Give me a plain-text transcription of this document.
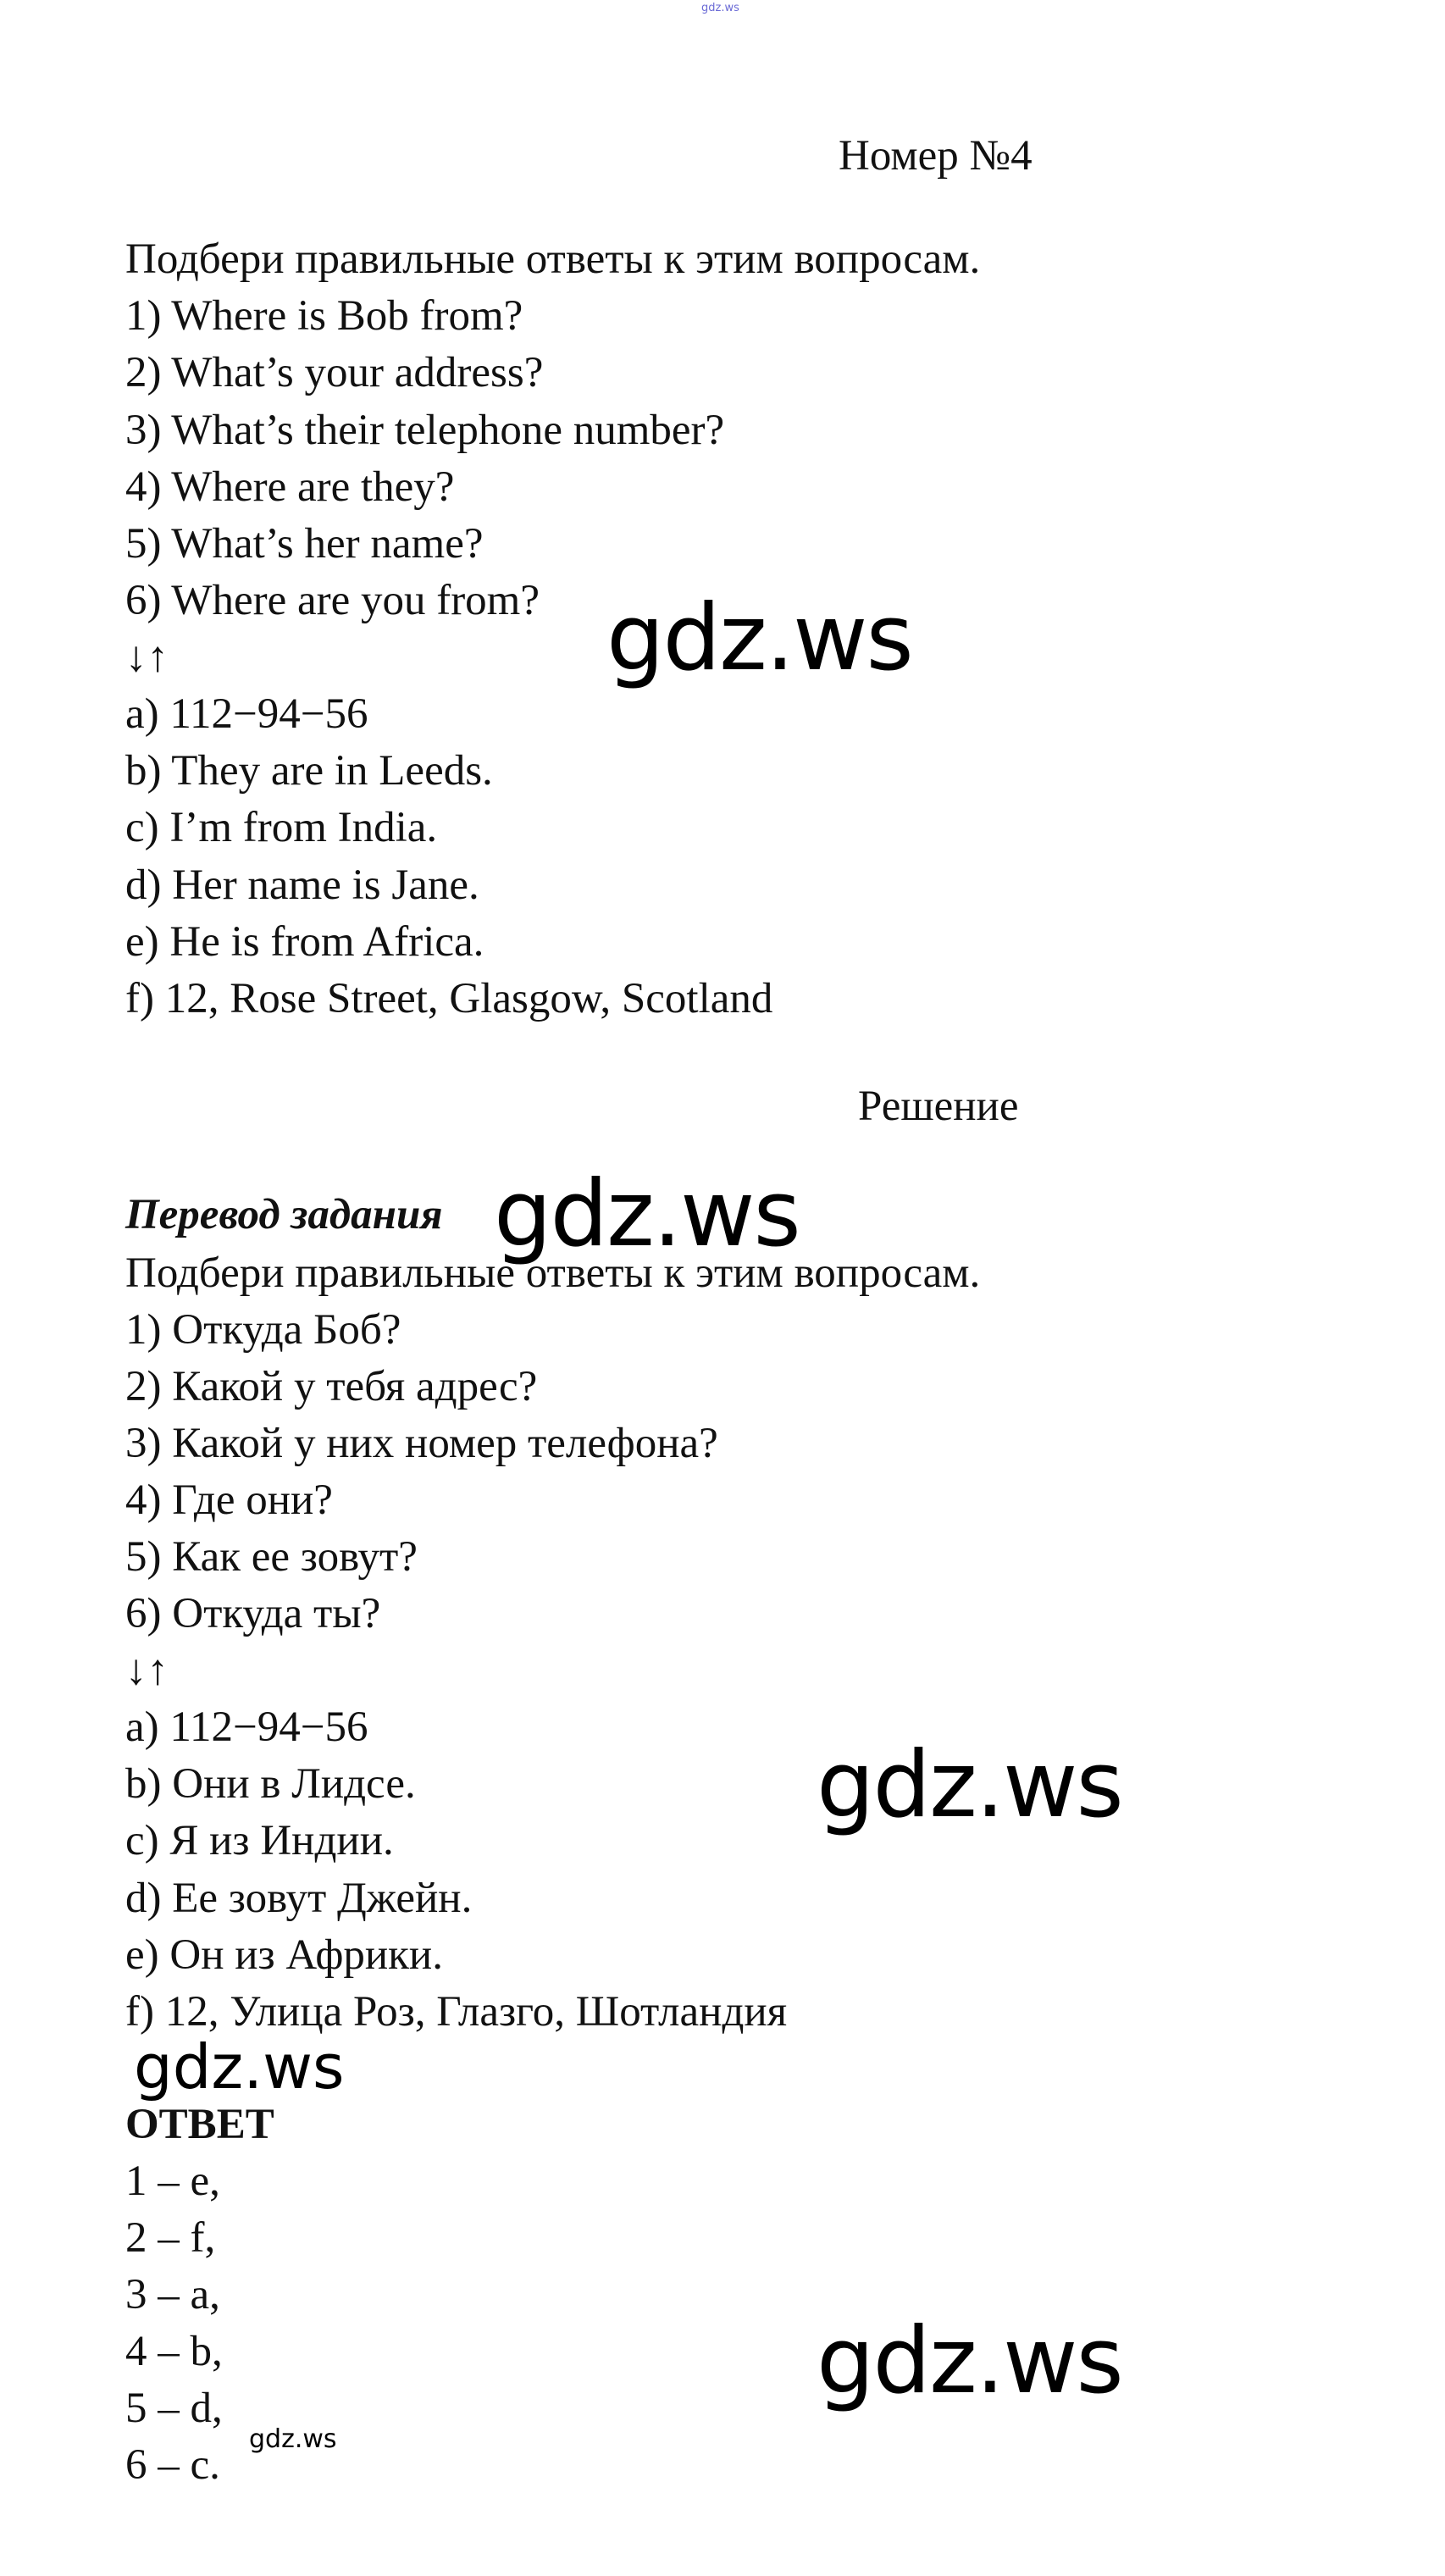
gdz.ws
Номер №4
Подбери правильные ответы к этим вопросам.
1) Where is Bob from?
2) What’s your address?
3) What’s their telephone number?
4) Where are they?
5) What’s her name?
6) Where are you from?
↓↑
a) 112−94−56
b) They are in Leeds.
c) I’m from India.
d) Her name is Jane.
e) He is from Africa.
f) 12, Rose Street, Glasgow, Scotland
gdz.ws
Решение
Перевод задания gdz.ws
Подбери правильные ответы к этим вопросам.
1) Откуда Боб?
2) Какой у тебя адрес?
3) Какой у них номер телефона?
4) Где они?
5) Как ее зовут?
6) Откуда ты?
↓↑
a) 112−94−56
b) Они в Лидсе.
c) Я из Индии.
d) Ее зовут Джейн.
e) Он из Африки.
f) 12, Улица Роз, Глазго, Шотландия
gdz.ws
gdz.ws
ОТВЕТ
1 – e,
2 – f,
3 – a,
4 – b,
5 – d,
6 – c.
gdz.ws
gdz.ws
